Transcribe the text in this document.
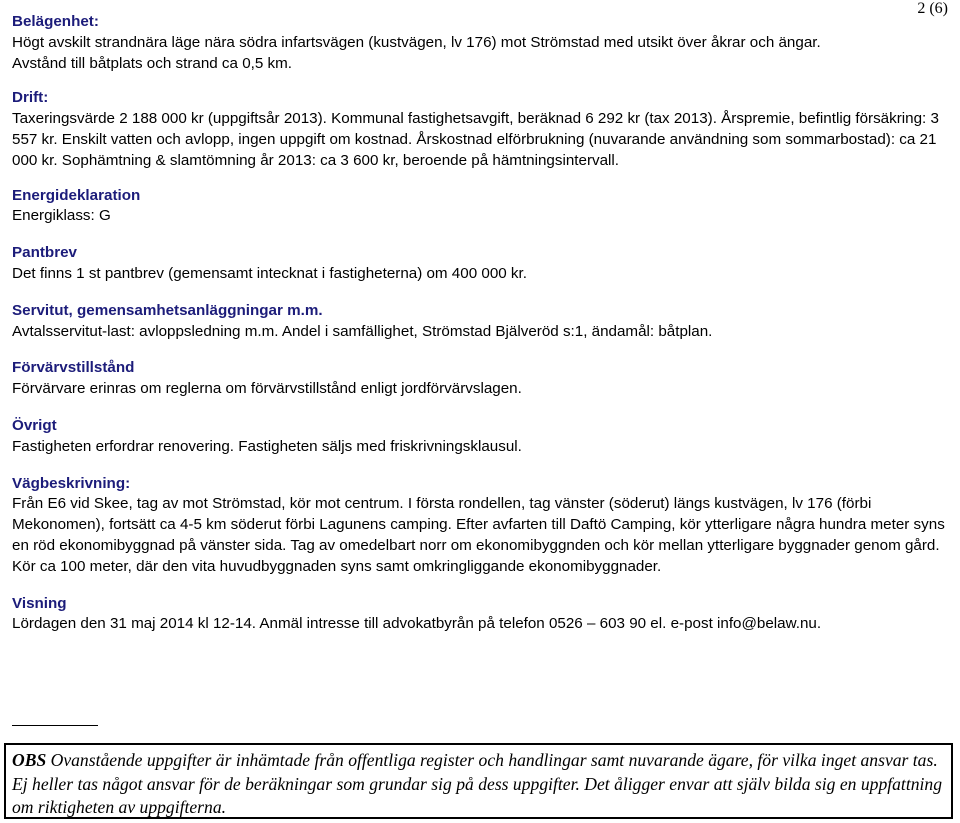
2 (6)
Belägenhet:
Högt avskilt strandnära läge nära södra infartsvägen (kustvägen, lv 176) mot Strömstad med utsikt över åkrar och ängar.
Avstånd till båtplats och strand ca 0,5 km.
Drift:
Taxeringsvärde 2 188 000 kr (uppgiftsår 2013). Kommunal fastighetsavgift, beräknad 6 292 kr (tax 2013). Årspremie, befintlig försäkring: 3 557 kr. Enskilt vatten och avlopp, ingen uppgift om kostnad. Årskostnad elförbrukning (nuvarande användning som sommarbostad): ca 21 000 kr. Sophämtning & slamtömning år 2013: ca 3 600 kr, beroende på hämtningsintervall.
Energideklaration
Energiklass: G
Pantbrev
Det finns 1 st pantbrev (gemensamt intecknat i fastigheterna) om 400 000 kr.
Servitut, gemensamhetsanläggningar m.m.
Avtalsservitut-last: avloppsledning m.m. Andel i samfällighet, Strömstad Bjälveröd s:1, ändamål: båtplan.
Förvärvstillstånd
Förvärvare erinras om reglerna om förvärvstillstånd enligt jordförvärvslagen.
Övrigt
Fastigheten erfordrar renovering. Fastigheten säljs med friskrivningsklausul.
Vägbeskrivning:
Från E6 vid Skee, tag av mot Strömstad, kör mot centrum. I första rondellen, tag vänster (söderut) längs kustvägen, lv 176 (förbi Mekonomen), fortsätt ca 4-5 km söderut förbi Lagunens camping. Efter avfarten till Daftö Camping, kör ytterligare några hundra meter syns en röd ekonomibyggnad på vänster sida. Tag av omedelbart norr om ekonomibyggnden och kör mellan ytterligare byggnader genom gård. Kör ca 100 meter, där den vita huvudbyggnaden syns samt omkringliggande ekonomibyggnader.
Visning
Lördagen den 31 maj 2014 kl 12-14. Anmäl intresse till advokatbyrån på telefon 0526 – 603 90 el. e-post info@belaw.nu.
OBS Ovanstående uppgifter är inhämtade från offentliga register och handlingar samt nuvarande ägare, för vilka inget ansvar tas. Ej heller tas något ansvar för de beräkningar som grundar sig på dess uppgifter. Det åligger envar att själv bilda sig en uppfattning om riktigheten av uppgifterna.
